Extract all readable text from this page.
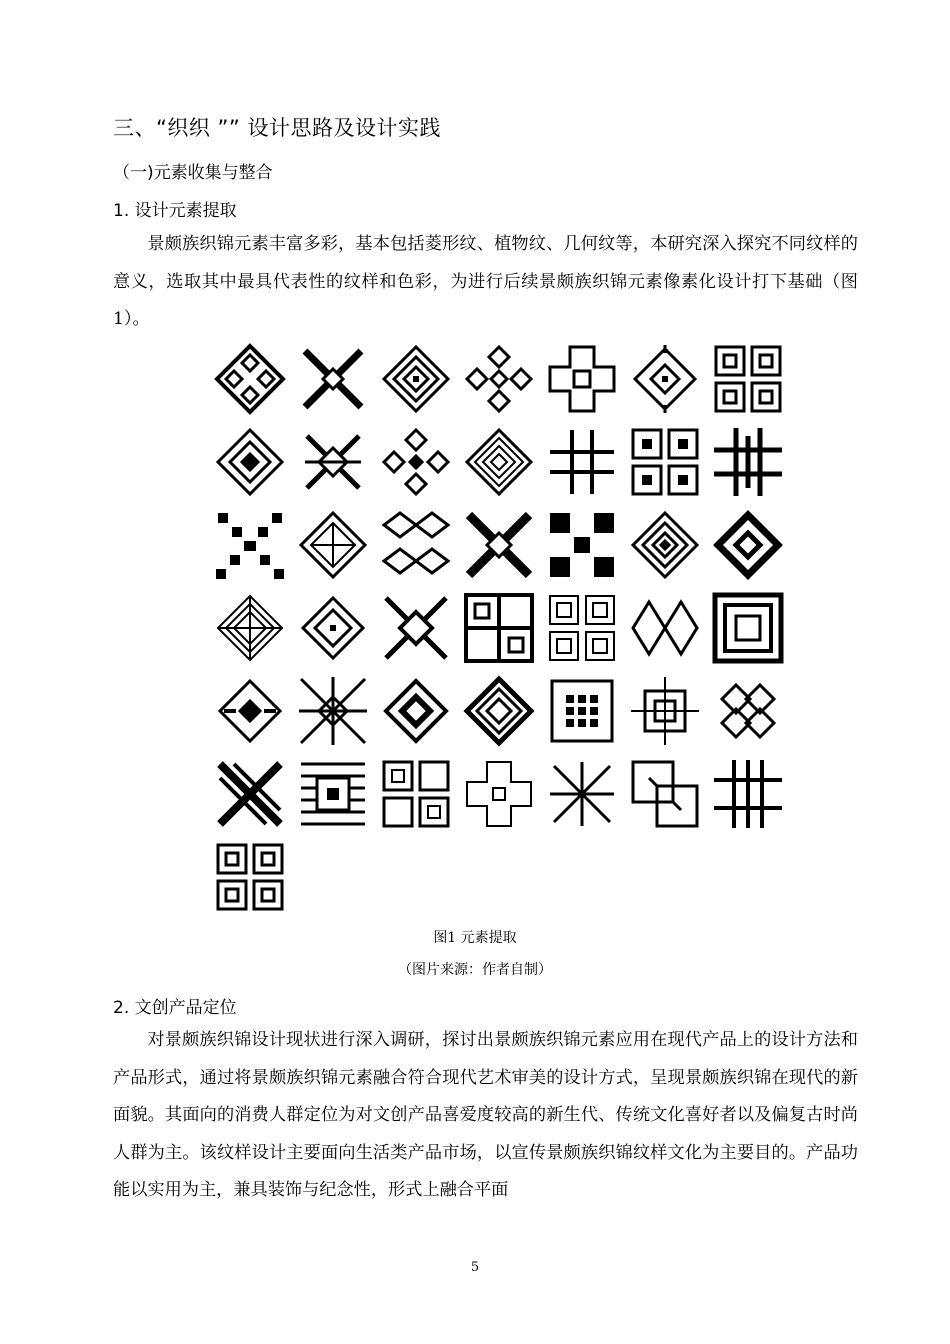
三、“织织 ”” 设计思路及设计实践
（一)元素收集与整合
1. 设计元素提取

景颇族织锦元素丰富多彩，基本包括菱形纹、植物纹、几何纹等，本研究深入探究不同纹样的意义，选取其中最具代表性的纹样和色彩，为进行后续景颇族织锦元素像素化设计打下基础（图 1）。

图1 元素提取
（图片来源：作者自制）
2. 文创产品定位

对景颇族织锦设计现状进行深入调研，探讨出景颇族织锦元素应用在现代产品上的设计方法和产品形式，通过将景颇族织锦元素融合符合现代艺术审美的设计方式，呈现景颇族织锦在现代的新面貌。其面向的消费人群定位为对文创产品喜爱度较高的新生代、传统文化喜好者以及偏复古时尚人群为主。该纹样设计主要面向生活类产品市场，以宣传景颇族织锦纹样文化为主要目的。产品功能以实用为主，兼具装饰与纪念性，形式上融合平面

5
